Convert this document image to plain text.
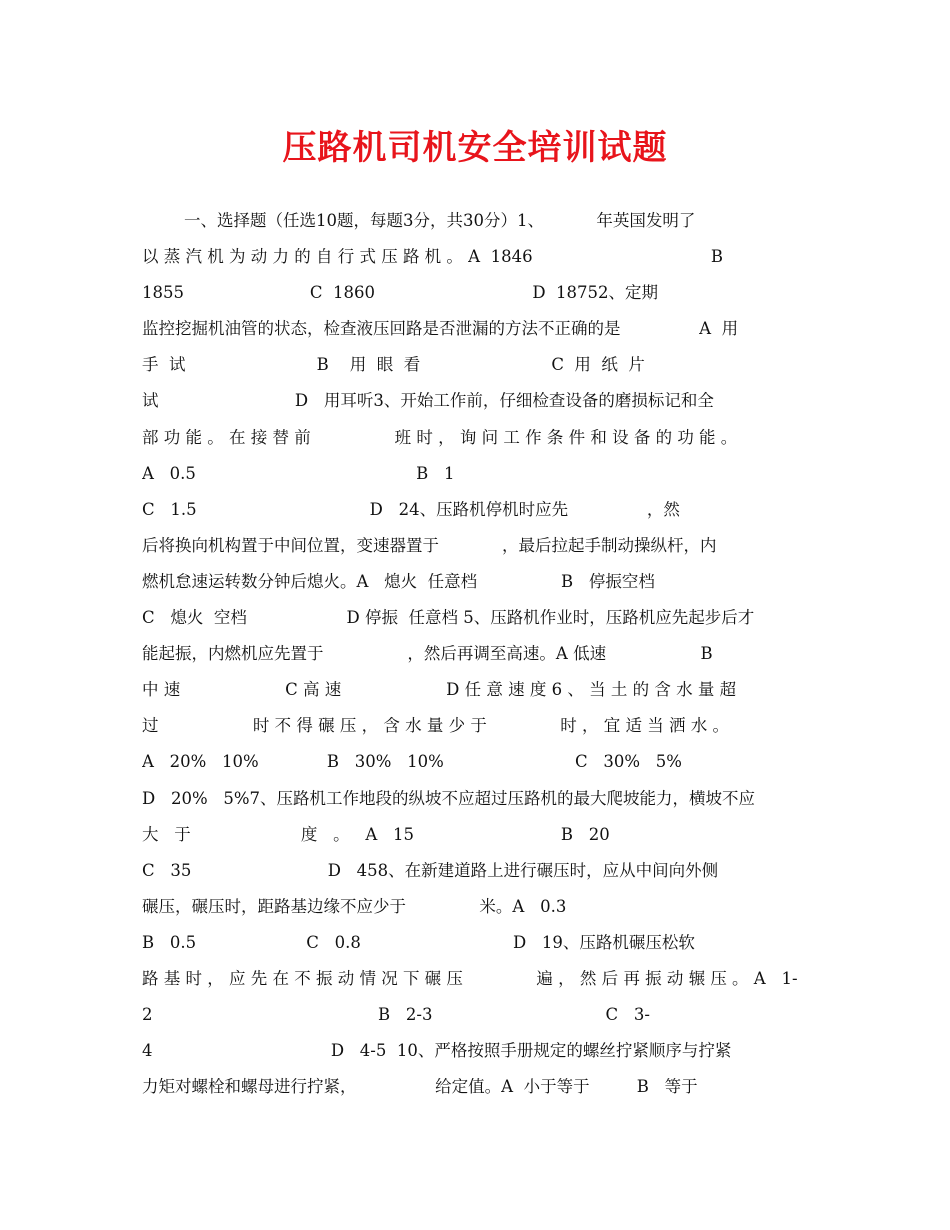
压路机司机安全培训试题
一、选择题（任选10题，每题3分，共30分）1、          年英国发明了
以 蒸 汽 机 为 动 力 的 自 行 式 压 路 机 。 A  1846                                  B
1855                        C  1860                              D  18752、定期
监控挖掘机油管的状态，检查液压回路是否泄漏的方法不正确的是               A  用
手  试                         B    用  眼  看                         C  用  纸  片
试                          D   用耳听3、开始工作前，仔细检查设备的磨损标记和全
部 功 能 。 在 接 替 前                班 时 ， 询 问 工 作 条 件 和 设 备 的 功 能 。
A   0.5                                          B   1
C   1.5                                 D   24、压路机停机时应先               ，然
后将换向机构置于中间位置，变速器置于            ，最后拉起手制动操纵杆，内
燃机怠速运转数分钟后熄火。A   熄火  任意档                B   停振空档
C   熄火  空档                   D 停振  任意档 5、压路机作业时，压路机应先起步后才
能起振，内燃机应先置于                ，然后再调至高速。A 低速                  B
中 速                    C 高 速                    D 任 意 速 度 6 、 当 土 的 含 水 量 超
过                  时 不 得 碾 压 ， 含 水 量 少 于              时 ， 宜 适 当 洒 水 。
A   20%   10%             B   30%   10%                         C   30%   5%
D   20%   5%7、压路机工作地段的纵坡不应超过压路机的最大爬坡能力，横坡不应
大   于                     度   。   A   15                            B   20
C   35                          D   458、在新建道路上进行碾压时，应从中间向外侧
碾压，碾压时，距路基边缘不应少于              米。A   0.3
B   0.5                     C   0.8                             D   19、压路机碾压松软
路 基 时 ， 应 先 在 不 振 动 情 况 下 碾 压              遍 ， 然 后 再 振 动 辗 压 。 A   1-
2                                           B   2-3                                 C   3-
4                                  D   4-5  10、严格按照手册规定的螺丝拧紧顺序与拧紧
力矩对螺栓和螺母进行拧紧，               给定值。A  小于等于         B   等于
